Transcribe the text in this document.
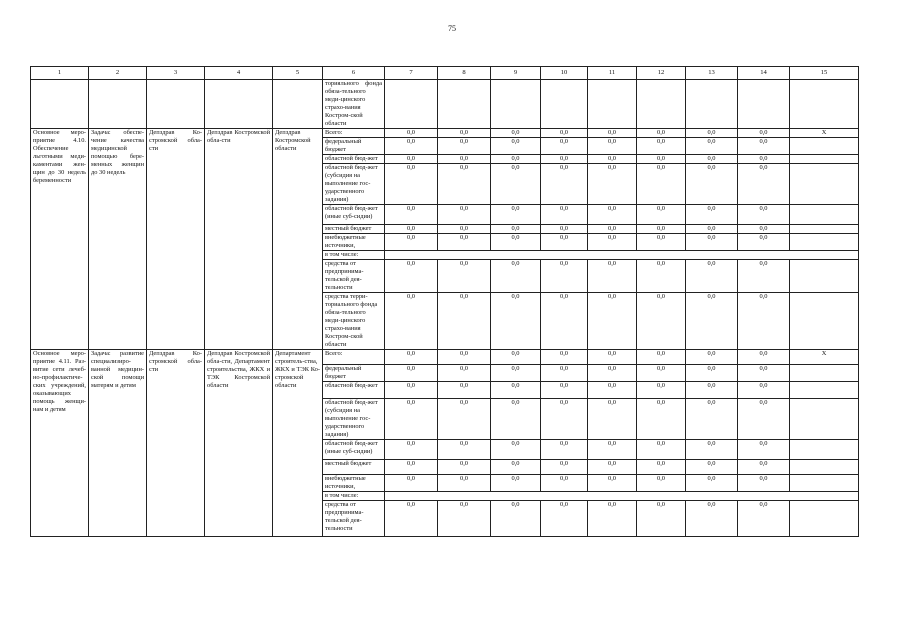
75
1	2	3	4	5	6	7	8	9	10	11	12	13	14	15
					торияльного фонда обяза-тельного меди-цинского страхо-вания Костром-ской области									
Основное меро-приятие 4.10. Обеспечение льготными меди-каментами жен-щин до 30 недель беременности	Задача: обеспе-чение качества медицинской помощью бере-менных женщин до 30 недель	Депздрав Ко-стромской обла-сти	Депздрав Костромской обла-сти	Депздрав Костромской области	Всего:	0,0	0,0	0,0	0,0	0,0	0,0	0,0	0,0	X
					федеральный бюджет	0,0	0,0	0,0	0,0	0,0	0,0	0,0	0,0	
					областной бюд-жет	0,0	0,0	0,0	0,0	0,0	0,0	0,0	0,0	
					областной бюд-жет (субсидия на выполнение гос-ударственного задания)	0,0	0,0	0,0	0,0	0,0	0,0	0,0	0,0	
					областной бюд-жет (иные суб-сидии)	0,0	0,0	0,0	0,0	0,0	0,0	0,0	0,0	
					местный бюджет	0,0	0,0	0,0	0,0	0,0	0,0	0,0	0,0	
					внебюджетные источники,	0,0	0,0	0,0	0,0	0,0	0,0	0,0	0,0	
					в том числе:									
					средства от предпринима-тельской дея-тельности	0,0	0,0	0,0	0,0	0,0	0,0	0,0	0,0	
					средства терри-ториального фонда обяза-тельного меди-цинского страхо-вания Костром-ской области	0,0	0,0	0,0	0,0	0,0	0,0	0,0	0,0	
Основное меро-приятие 4.11. Раз-витие сети лечеб-но-профилактиче-ских учреждений, оказывающих помощь женщи-нам и детям	Задача: развитие специализиро-ванной медицин-ской помощи матерям и детям	Депздрав Ко-стромской обла-сти	Депздрав Костромской обла-сти, Департамент строительства, ЖКХ и ТЭК Костромской области	Департамент строитель-ства, ЖКХ и ТЭК Ко-стромской области	Всего:	0,0	0,0	0,0	0,0	0,0	0,0	0,0	0,0	X
					федеральный бюджет	0,0	0,0	0,0	0,0	0,0	0,0	0,0	0,0	
					областной бюд-жет	0,0	0,0	0,0	0,0	0,0	0,0	0,0	0,0	
					областной бюд-жет (субсидия на выполнение гос-ударственного задания)	0,0	0,0	0,0	0,0	0,0	0,0	0,0	0,0	
					областной бюд-жет (иные суб-сидии)	0,0	0,0	0,0	0,0	0,0	0,0	0,0	0,0	
					местный бюджет	0,0	0,0	0,0	0,0	0,0	0,0	0,0	0,0	
					внебюджетные источники,	0,0	0,0	0,0	0,0	0,0	0,0	0,0	0,0	
					в том числе:									
					средства от предпринима-тельской дея-тельности	0,0	0,0	0,0	0,0	0,0	0,0	0,0	0,0	
